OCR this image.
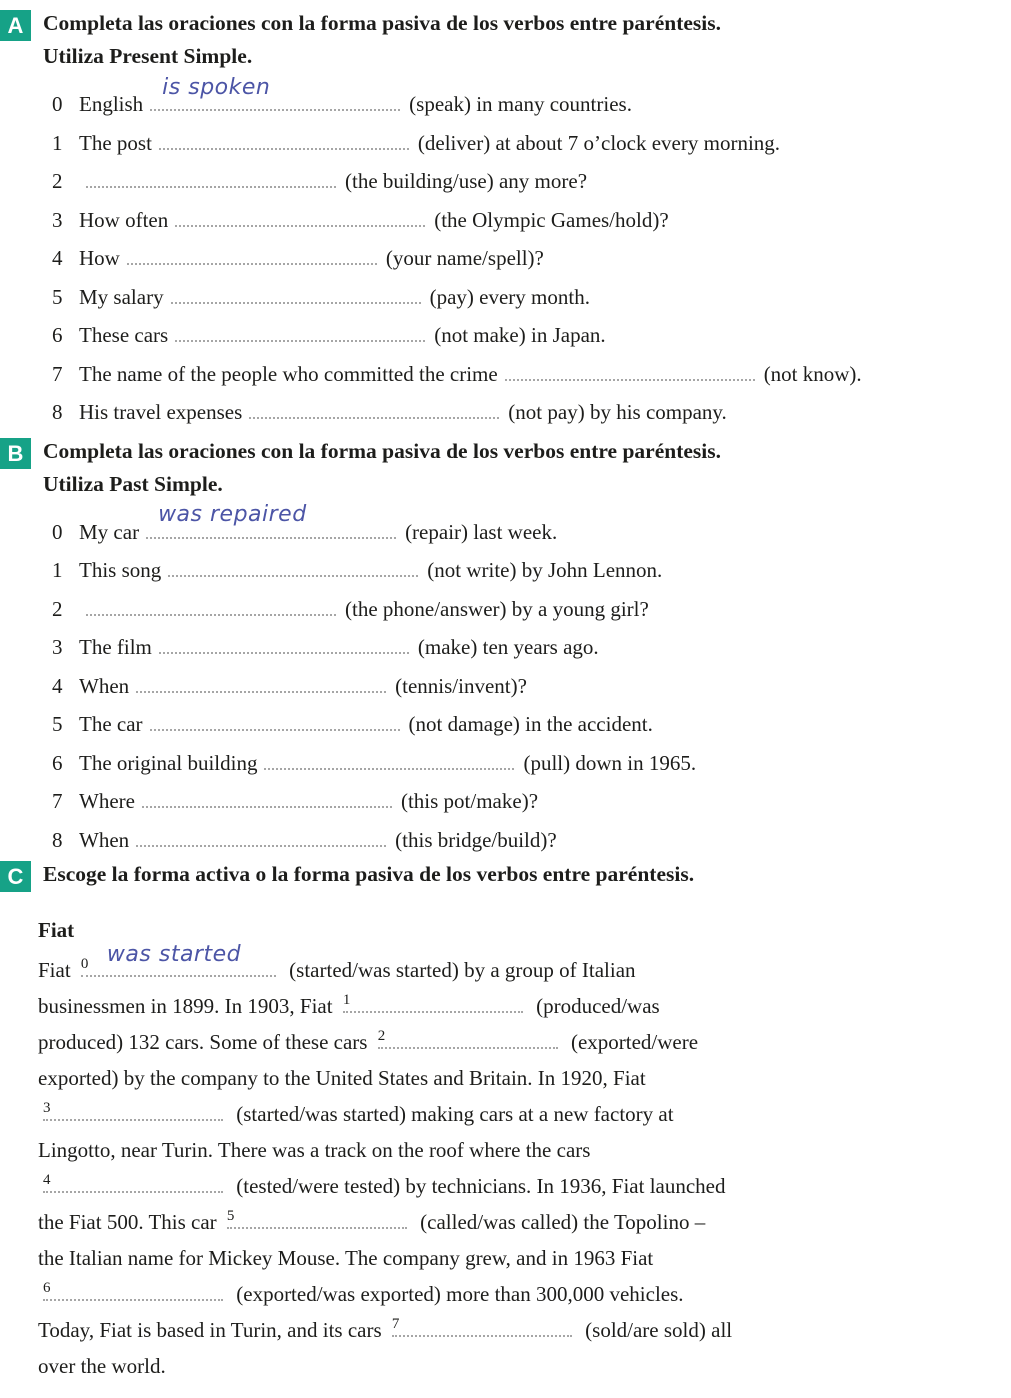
A Completa las oraciones con la forma pasiva de los verbos entre paréntesis.
Utiliza Present Simple.
0 English
is spoken
(speak) in many countries.
1 The post	(deliver) at about 7 o’clock every morning.
2	(the building/use) any more?
3 How often	(the Olympic Games/hold)?
4 How	(your name/spell)?
5 My salary	(pay) every month.
6 These cars	(not make) in Japan.
7 The name of the people who committed the crime	(not know).
8 His travel expenses	(not pay) by his company.
B Completa las oraciones con la forma pasiva de los verbos entre paréntesis.
Utiliza Past Simple.
0 My car
was repaired
(repair) last week.
1 This song	(not write) by John Lennon.
2	(the phone/answer) by a young girl?
3 The film	(make) ten years ago.
4 When	(tennis/invent)?
5 The car	(not damage) in the accident.
6 The original building	(pull) down in 1965.
7 Where	(this pot/make)?
8 When	(this bridge/build)?
C Escoge la forma activa o la forma pasiva de los verbos entre paréntesis.
Fiat
Fiat 0 was started
(started/was started) by a group of Italian
businessmen in 1899. In 1903, Fiat 1	(produced/was
produced) 132 cars. Some of these cars 2	(exported/were
exported) by the company to the United States and Britain. In 1920, Fiat
3	(started/was started) making cars at a new factory at
Lingotto, near Turin. There was a track on the roof where the cars
4	(tested/were tested) by technicians. In 1936, Fiat launched
the Fiat 500. This car 5	(called/was called) the Topolino –
the Italian name for Mickey Mouse. The company grew, and in 1963 Fiat
6	(exported/was exported) more than 300,000 vehicles.
Today, Fiat is based in Turin, and its cars 7	(sold/are sold) all
over the world.
